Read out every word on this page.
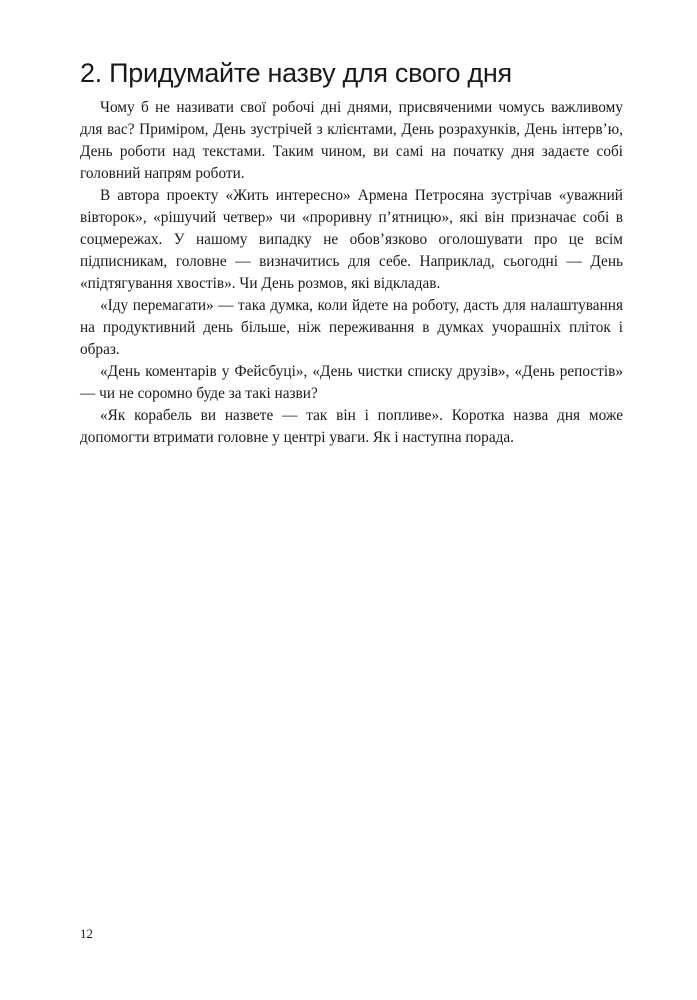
2. Придумайте назву для свого дня

Чому б не називати свої робочі дні днями, присвяченими чомусь важливому для вас? Приміром, День зустрічей з клієнтами, День розрахунків, День інтерв’ю, День роботи над текстами. Таким чином, ви самі на початку дня задаєте собі головний напрям роботи.

В автора проекту «Жить интересно» Армена Петросяна зустрічав «уважний вівторок», «рішучий четвер» чи «проривну п’ятницю», які він призначає собі в соцмережах. У нашому випадку не обов’язково оголошувати про це всім підписникам, головне — визначитись для себе. Наприклад, сьогодні — День «підтягування хвостів». Чи День розмов, які відкладав.

«Іду перемагати» — така думка, коли йдете на роботу, дасть для налаштування на продуктивний день більше, ніж переживання в думках учорашніх пліток і образ.

«День коментарів у Фейсбуці», «День чистки списку друзів», «День репостів» — чи не соромно буде за такі назви?

«Як корабель ви назвете — так він і попливе». Коротка назва дня може допомогти втримати головне у центрі уваги. Як і наступна порада.

12
